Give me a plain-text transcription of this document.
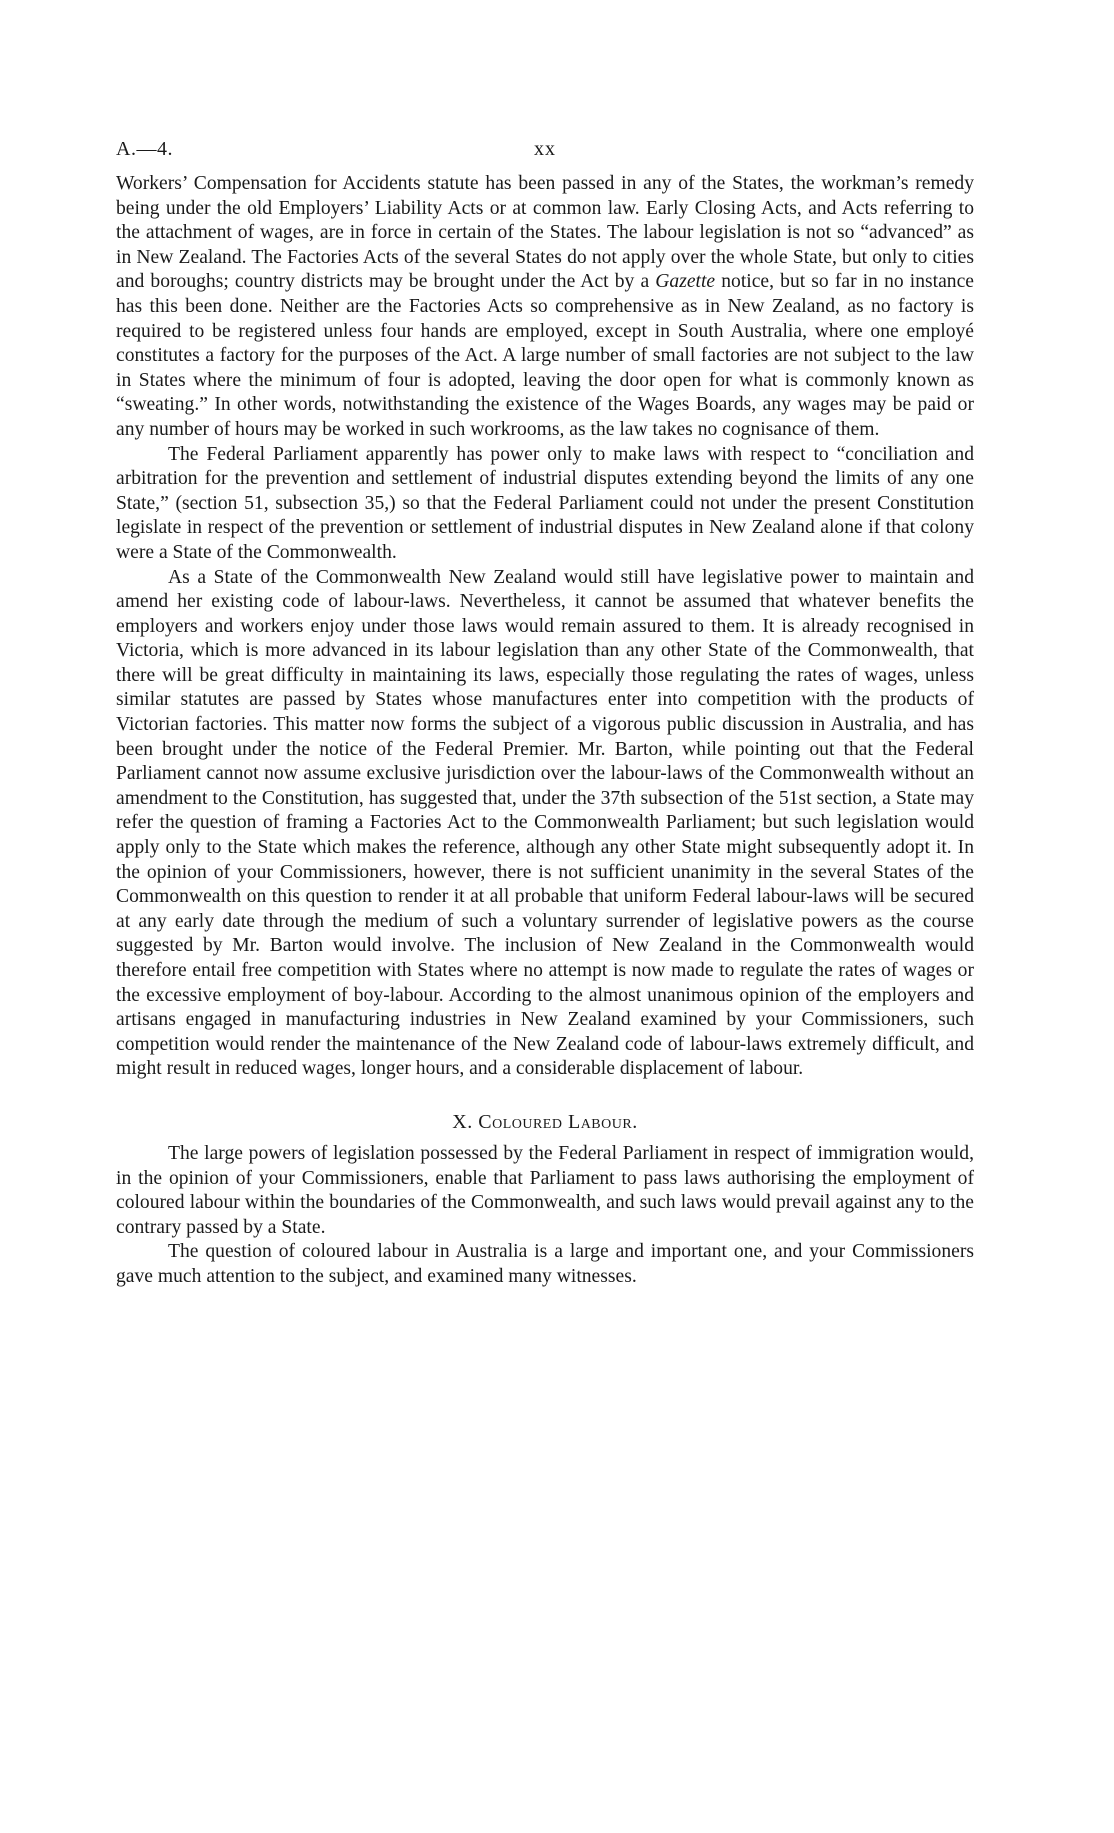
A.—4.	xx

Workers’ Compensation for Accidents statute has been passed in any of the States, the workman’s remedy being under the old Employers’ Liability Acts or at common law. Early Closing Acts, and Acts referring to the attachment of wages, are in force in certain of the States. The labour legislation is not so “advanced” as in New Zealand. The Factories Acts of the several States do not apply over the whole State, but only to cities and boroughs; country districts may be brought under the Act by a Gazette notice, but so far in no instance has this been done. Neither are the Factories Acts so comprehensive as in New Zealand, as no factory is required to be registered unless four hands are employed, except in South Australia, where one employé constitutes a factory for the purposes of the Act. A large number of small factories are not subject to the law in States where the minimum of four is adopted, leaving the door open for what is commonly known as “sweating.” In other words, notwithstanding the existence of the Wages Boards, any wages may be paid or any number of hours may be worked in such workrooms, as the law takes no cognisance of them.

The Federal Parliament apparently has power only to make laws with respect to “conciliation and arbitration for the prevention and settlement of industrial disputes extending beyond the limits of any one State,” (section 51, subsection 35,) so that the Federal Parliament could not under the present Constitution legislate in respect of the prevention or settlement of industrial disputes in New Zealand alone if that colony were a State of the Commonwealth.

As a State of the Commonwealth New Zealand would still have legislative power to maintain and amend her existing code of labour-laws. Nevertheless, it cannot be assumed that whatever benefits the employers and workers enjoy under those laws would remain assured to them. It is already recognised in Victoria, which is more advanced in its labour legislation than any other State of the Commonwealth, that there will be great difficulty in maintaining its laws, especially those regulating the rates of wages, unless similar statutes are passed by States whose manufactures enter into competition with the products of Victorian factories. This matter now forms the subject of a vigorous public discussion in Australia, and has been brought under the notice of the Federal Premier. Mr. Barton, while pointing out that the Federal Parliament cannot now assume exclusive jurisdiction over the labour-laws of the Commonwealth without an amendment to the Constitution, has suggested that, under the 37th subsection of the 51st section, a State may refer the question of framing a Factories Act to the Commonwealth Parliament; but such legislation would apply only to the State which makes the reference, although any other State might subsequently adopt it. In the opinion of your Commissioners, however, there is not sufficient unanimity in the several States of the Commonwealth on this question to render it at all probable that uniform Federal labour-laws will be secured at any early date through the medium of such a voluntary surrender of legislative powers as the course suggested by Mr. Barton would involve. The inclusion of New Zealand in the Commonwealth would therefore entail free competition with States where no attempt is now made to regulate the rates of wages or the excessive employment of boy-labour. According to the almost unanimous opinion of the employers and artisans engaged in manufacturing industries in New Zealand examined by your Commissioners, such competition would render the maintenance of the New Zealand code of labour-laws extremely difficult, and might result in reduced wages, longer hours, and a considerable displacement of labour.

X. Coloured Labour.

The large powers of legislation possessed by the Federal Parliament in respect of immigration would, in the opinion of your Commissioners, enable that Parliament to pass laws authorising the employment of coloured labour within the boundaries of the Commonwealth, and such laws would prevail against any to the contrary passed by a State.

The question of coloured labour in Australia is a large and important one, and your Commissioners gave much attention to the subject, and examined many witnesses.
